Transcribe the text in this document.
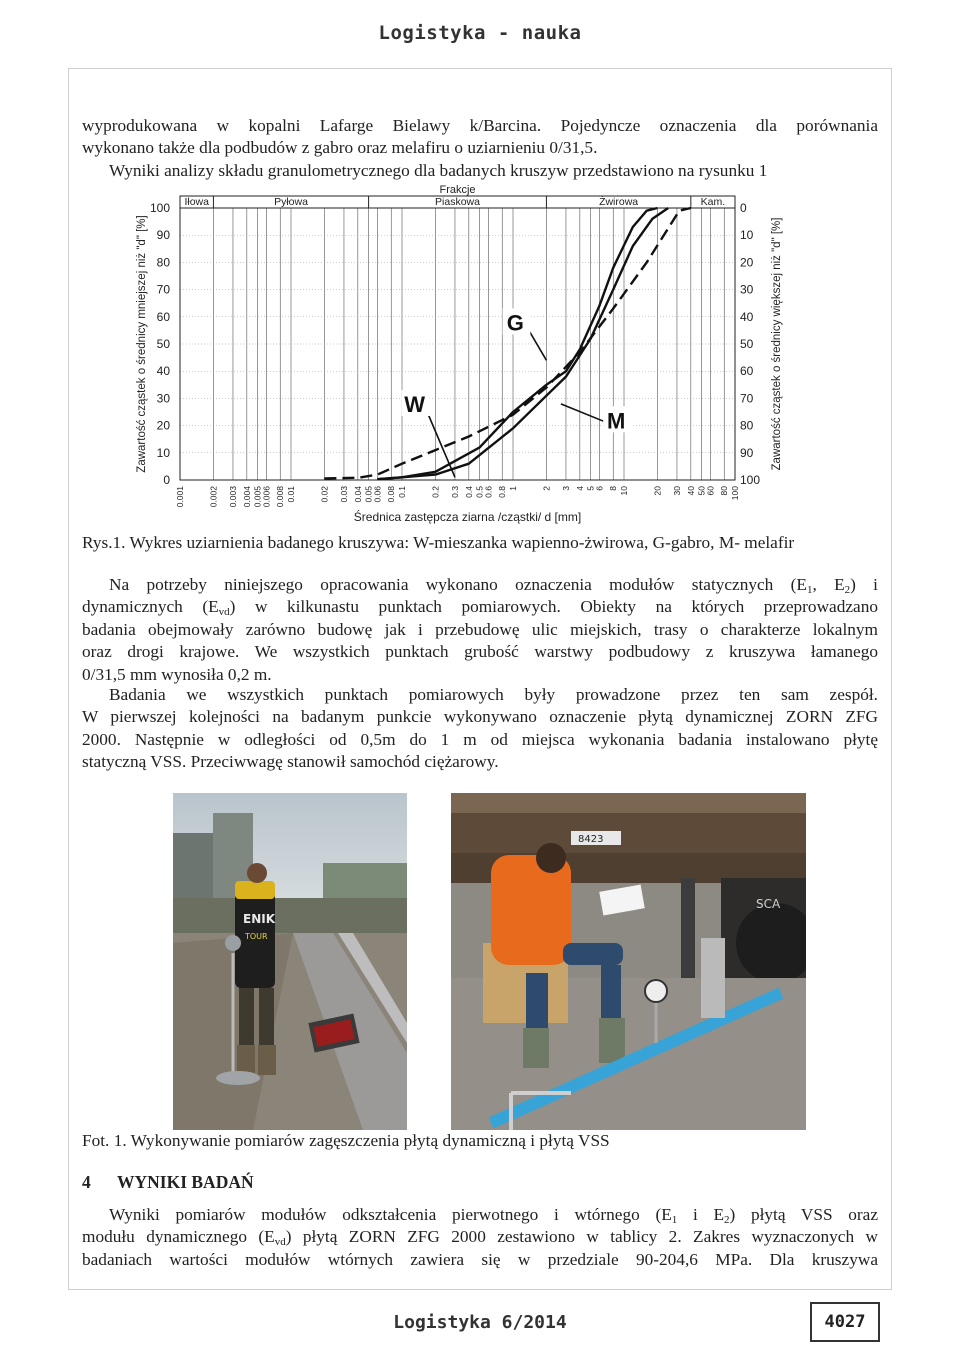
Logistyka - nauka
wyprodukowana w kopalni Lafarge Bielawy k/Barcina. Pojedyncze oznaczenia dla porównania
wykonano także dla podbudów z gabro oraz melafiru o uziarnieniu 0/31,5.
Wyniki analizy składu granulometrycznego dla badanych kruszyw przedstawiono na rysunku 1
Frakcje
Iłowa	Pyłowa	Piaskowa	Żwirowa	Kam.
0	100
10	90
20	80
30	70
40	60
50	50
60	40
70	30
80	20
90	10
100	0
0.001	0.002 0.003 0.004 0.005
0.006 0.008 0.01	0.02 0.03 0.04 0.05
0.06 0.08 0.1	0.2 0.3 0.4 0.5
0.6 0.8 1	2 3 4 5
6 8 10	20 30 40 50
60 80 100
Zawartość cząstek o średnicy mniejszej niż "d" [%]	Zawartość cząstek o średnicy większej niż "d" [%]
Średnica zastępcza ziarna /cząstki/ d [mm]
W
G
M
Rys.1. Wykres uziarnienia badanego kruszywa: W-mieszanka wapienno-żwirowa, G-gabro, M- melafir
Na potrzeby niniejszego opracowania wykonano oznaczenia modułów statycznych ($E_1$, $E_2$) i
dynamicznych $(E_{vd})$ w kilkunastu punktach pomiarowych. Obiekty na których przeprowadzano
badania obejmowały zarówno budowę jak i przebudowę ulic miejskich, trasy o charakterze lokalnym
oraz drogi krajowe. We wszystkich punktach grubość warstwy podbudowy z kruszywa łamanego
0/31,5 mm wynosiła 0,2 m.
Badania we wszystkich punktach pomiarowych były prowadzone przez ten sam zespół.
W pierwszej kolejności na badanym punkcie wykonywano oznaczenie płytą dynamicznej ZORN ZFG
2000. Następnie w odległości od 0,5m do 1 m od miejsca wykonania badania instalowano płytę
statyczną VSS. Przeciwwagę stanowił samochód ciężarowy.
ENIK
TOUR
8423
SCA
Fot. 1. Wykonywanie pomiarów zagęszczenia płytą dynamiczną i płytą VSS
4 WYNIKI BADAŃ
Wyniki pomiarów modułów odkształcenia pierwotnego i wtórnego ($E_1$ i $E_2$) płytą VSS oraz
modułu dynamicznego $(E_{vd})$ płytą ZORN ZFG 2000 zestawiono w tablicy 2. Zakres wyznaczonych w
badaniach wartości modułów wtórnych zawiera się w przedziale 90-204,6 MPa. Dla kruszywa
Logistyka 6/2014	4027
